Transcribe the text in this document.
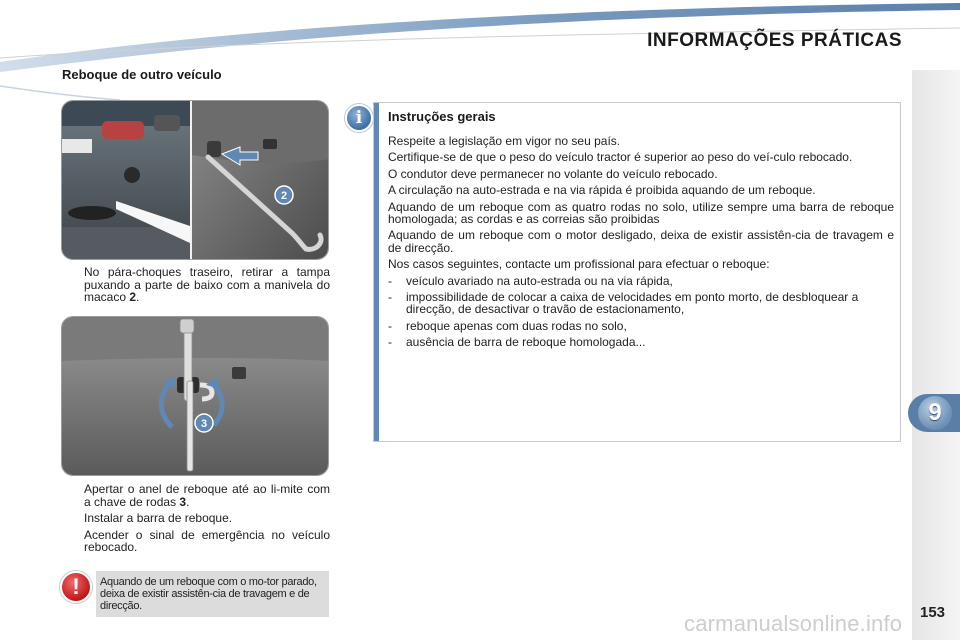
INFORMAÇÕES PRÁTICAS
9
Reboque de outro veículo
2
No pára-choques traseiro, retirar a tampa puxando a parte de baixo com a manivela do macaco 2.
3
Apertar o anel de reboque até ao li-mite com a chave de rodas 3.
Instalar a barra de reboque.
Acender o sinal de emergência no veículo rebocado.
Aquando de um reboque com o mo-tor parado, deixa de existir assistên-cia de travagem e de direcção.
!
Instruções gerais

Respeite a legislação em vigor no seu país.

Certifique-se de que o peso do veículo tractor é superior ao peso do veí-culo rebocado.

O condutor deve permanecer no volante do veículo rebocado.

A circulação na auto-estrada e na via rápida é proibida aquando de um reboque.

Aquando de um reboque com as quatro rodas no solo, utilize sempre uma barra de reboque homologada; as cordas e as correias são proibidas

Aquando de um reboque com o motor desligado, deixa de existir assistên-cia de travagem e de direcção.

Nos casos seguintes, contacte um profissional para efectuar o reboque:

-	veículo avariado na auto-estrada ou na via rápida,
-	impossibilidade de colocar a caixa de velocidades em ponto morto, de desbloquear a direcção, de desactivar o travão de estacionamento,
-	reboque apenas com duas rodas no solo,
-	ausência de barra de reboque homologada...
i
153
carmanualsonline.info
